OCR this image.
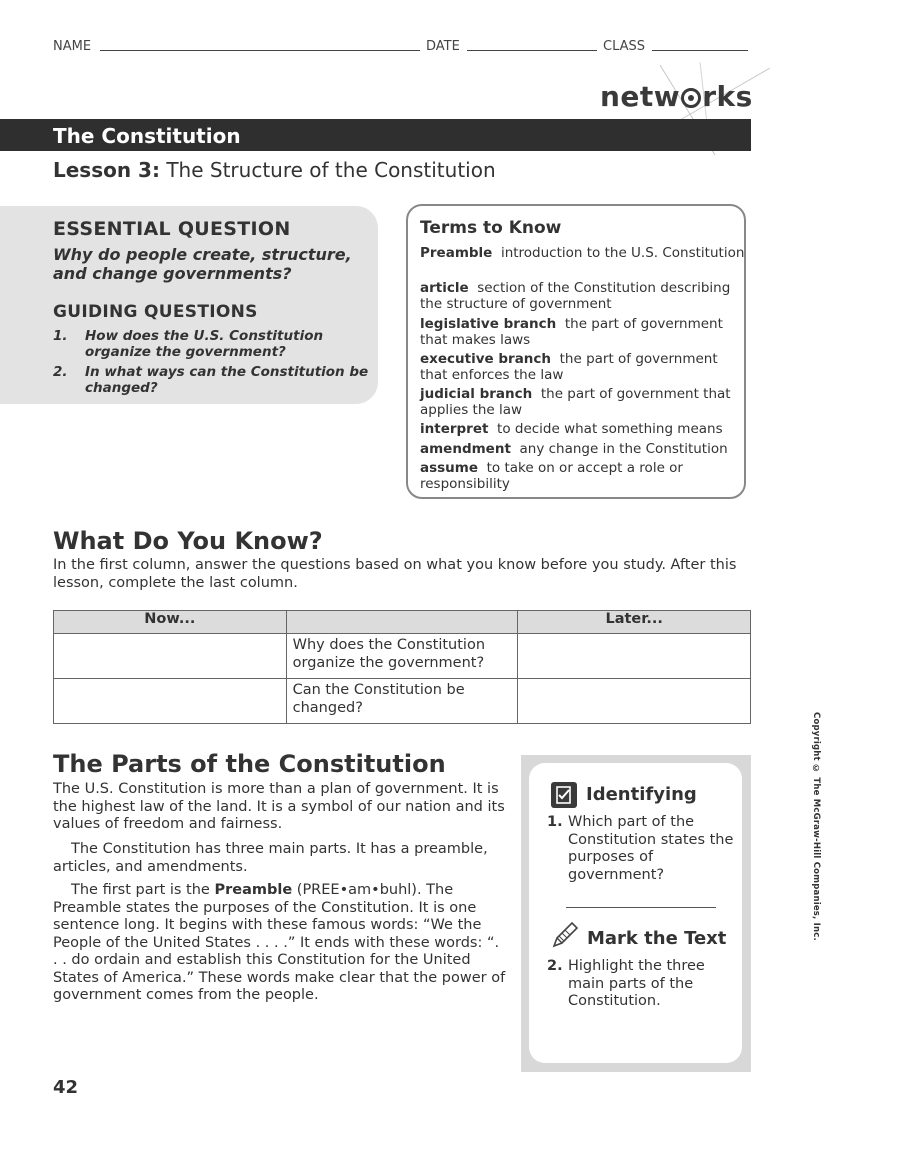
NAME	DATE	CLASS
netw rks
The Constitution
Lesson 3: The Structure of the Constitution
ESSENTIAL QUESTION
Why do people create, structure, and change governments?
GUIDING QUESTIONS
1. How does the U.S. Constitution organize the government?
2. In what ways can the Constitution be changed?
Terms to Know
Preamble introduction to the U.S. Constitution
article section of the Constitution describing the structure of government
legislative branch the part of government that makes laws
executive branch the part of government that enforces the law
judicial branch the part of government that applies the law
interpret to decide what something means
amendment any change in the Constitution
assume to take on or accept a role or responsibility
What Do You Know?
In the first column, answer the questions based on what you know before you study. After this lesson, complete the last column.
Now...		Later...
	Why does the Constitution organize the government?	
	Can the Constitution be changed?	
The Parts of the Constitution
The U.S. Constitution is more than a plan of government. It is the highest law of the land. It is a symbol of our nation and its values of freedom and fairness.
The Constitution has three main parts. It has a preamble, articles, and amendments.
The first part is the Preamble (PREE•am•buhl). The Preamble states the purposes of the Constitution. It is one sentence long. It begins with these famous words: “We the People of the United States . . . .” It ends with these words: “. . . do ordain and establish this Constitution for the United States of America.” These words make clear that the power of government comes from the people.
Identifying
1. Which part of the Constitution states the purposes of government?
Mark the Text
2. Highlight the three main parts of the Constitution.
Copyright © The McGraw-Hill Companies, Inc.
42
